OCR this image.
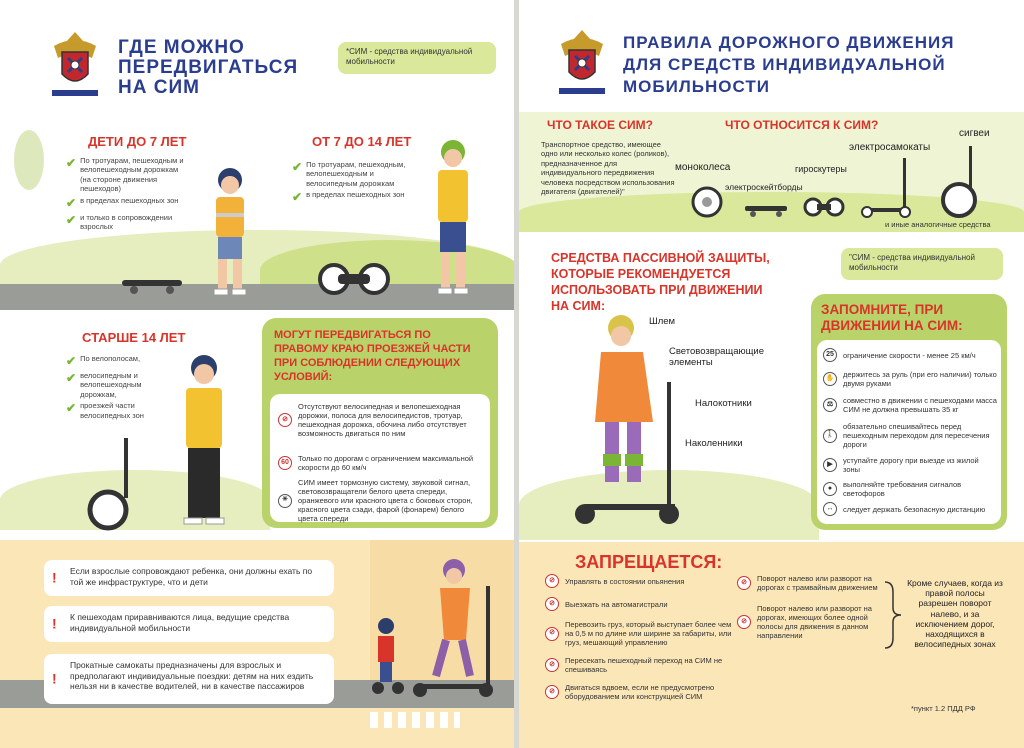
ГДЕ МОЖНО
ПЕРЕДВИГАТЬСЯ
НА СИМ
*СИМ - средства индивидуальной мобильности
ДЕТИ ДО 7 ЛЕТ
✔ По тротуарам, пешеходным и велопешеходным дорожкам (на стороне движения пешеходов)
✔ в пределах пешеходных зон
✔ и только в сопровождении взрослых
ОТ 7 ДО 14 ЛЕТ
✔ По тротуарам, пешеходным, велопешеходным и велосипедным дорожкам
✔ в пределах пешеходных зон
СТАРШЕ 14 ЛЕТ
✔ По велополосам,
✔ велосипедным и велопешеходным дорожкам,
✔ проезжей части велосипедных зон
МОГУТ ПЕРЕДВИГАТЬСЯ ПО ПРАВОМУ КРАЮ ПРОЕЗЖЕЙ ЧАСТИ ПРИ СОБЛЮДЕНИИ СЛЕДУЮЩИХ УСЛОВИЙ:
⊘
Отсутствуют велосипедная и велопешеходная дорожки, полоса для велосипедистов, тротуар, пешеходная дорожка, обочина либо отсутствует возможность двигаться по ним
60	Только по дорогам с ограничением максимальной скорости до 60 км/ч
☀
СИМ имеет тормозную систему, звуковой сигнал, световозвращатели белого цвета спереди, оранжевого или красного цвета с боковых сторон, красного цвета сзади, фарой (фонарем) белого цвета спереди
! Если взрослые сопровождают ребенка, они должны ехать по той же инфраструктуре, что и дети
! К пешеходам приравниваются лица, ведущие средства индивидуальной мобильности
!
Прокатные самокаты предназначены для взрослых и предполагают индивидуальные поездки: детям на них ездить нельзя ни в качестве водителей, ни в качестве пассажиров
ПРАВИЛА ДОРОЖНОГО ДВИЖЕНИЯ
ДЛЯ СРЕДСТВ ИНДИВИДУАЛЬНОЙ
МОБИЛЬНОСТИ
ЧТО ТАКОЕ СИМ?
Транспортное средство, имеющее одно или несколько колес (роликов), предназначенное для индивидуального передвижения человека посредством использования двигателя (двигателей)"
ЧТО ОТНОСИТСЯ К СИМ?
моноколеса
электроскейтборды
гироскутеры
электросамокаты
сигвеи
и иные аналогичные средства
СРЕДСТВА ПАССИВНОЙ ЗАЩИТЫ,
КОТОРЫЕ РЕКОМЕНДУЕТСЯ
ИСПОЛЬЗОВАТЬ ПРИ ДВИЖЕНИИ
НА СИМ:
"СИМ - средства индивидуальной мобильности
Шлем
Световозвращающие элементы
Налокотники
Наколенники
ЗАПОМНИТЕ, ПРИ ДВИЖЕНИИ НА СИМ:
25	ограничение скорости - менее 25 км/ч
✋	держитесь за руль (при его наличии) только двумя руками
⚖	совместно в движении с пешеходами масса СИМ не должна превышать 35 кг
🚶
обязательно спешивайтесь перед пешеходным переходом для пересечения дороги
▶	уступайте дорогу при выезде из жилой зоны
●	выполняйте требования сигналов светофоров
↔	следует держать безопасную дистанцию
ЗАПРЕЩАЕТСЯ:
⊘	Управлять в состоянии опьянения
⊘	Выезжать на автомагистрали
⊘
Перевозить груз, который выступает более чем на 0,5 м по длине или ширине за габариты, или груз, мешающий управлению
⊘	Пересекать пешеходный переход на СИМ не спешиваясь
⊘	Двигаться вдвоем, если не предусмотрено оборудованием или конструкцией СИМ
⊘	Поворот налево или разворот на дорогах с трамвайным движением
⊘
Поворот налево или разворот на дорогах, имеющих более одной полосы для движения в данном направлении
Кроме случаев, когда из правой полосы разрешен поворот налево, и за исключением дорог, находящихся в велосипедных зонах
*пункт 1.2 ПДД РФ
